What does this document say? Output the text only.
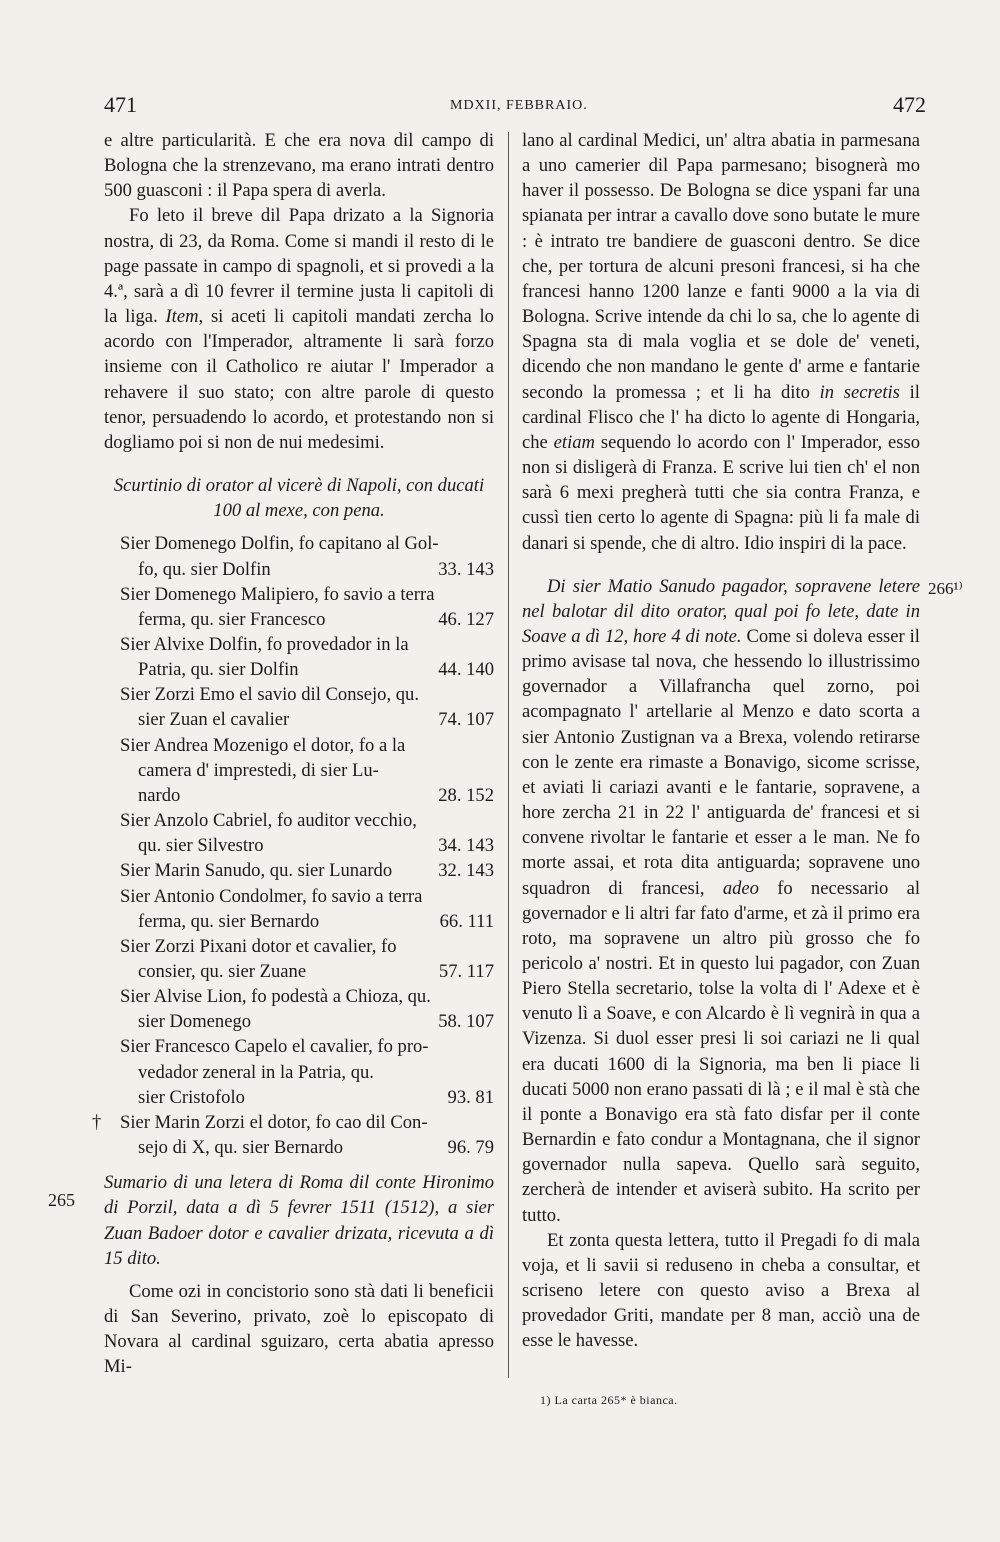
471	MDXII, FEBBRAIO.	472
265
266¹⁾

e altre particularità. E che era nova dil campo di Bologna che la strenzevano, ma erano intrati dentro 500 guasconi : il Papa spera di averla.

Fo leto il breve dil Papa drizato a la Signoria nostra, di 23, da Roma. Come si mandi il resto di le page passate in campo di spagnoli, et si provedi a la 4.ª, sarà a dì 10 fevrer il termine justa li capitoli di la liga. Item, si aceti li capitoli mandati zercha lo acordo con l'Imperador, altramente li sarà forzo insieme con il Catholico re aiutar l' Imperador a rehavere il suo stato; con altre parole di questo tenor, persuadendo lo acordo, et protestando non si dogliamo poi si non de nui medesimi.

Scurtinio di orator al vicerè di Napoli, con ducati 100 al mexe, con pena.

Sier Domenego Dolfin, fo capitano al Gol-
fo, qu. sier Dolfin	33. 143
Sier Domenego Malipiero, fo savio a terra
ferma, qu. sier Francesco	46. 127
Sier Alvixe Dolfin, fo provedador in la
Patria, qu. sier Dolfin	44. 140
Sier Zorzi Emo el savio dil Consejo, qu.
sier Zuan el cavalier	74. 107
Sier Andrea Mozenigo el dotor, fo a la
camera d' imprestedi, di sier Lu-
nardo	28. 152
Sier Anzolo Cabriel, fo auditor vecchio,
qu. sier Silvestro	34. 143
Sier Marin Sanudo, qu. sier Lunardo 32. 143
Sier Antonio Condolmer, fo savio a terra
ferma, qu. sier Bernardo	66. 111
Sier Zorzi Pixani dotor et cavalier, fo
consier, qu. sier Zuane	57. 117
Sier Alvise Lion, fo podestà a Chioza, qu.
sier Domenego	58. 107
Sier Francesco Capelo el cavalier, fo pro-
vedador zeneral in la Patria, qu.
sier Cristofolo	93. 81
†	Sier Marin Zorzi el dotor, fo cao dil Con-
sejo di X, qu. sier Bernardo	96. 79

Sumario di una letera di Roma dil conte Hironimo di Porzil, data a dì 5 fevrer 1511 (1512), a sier Zuan Badoer dotor e cavalier drizata, ricevuta a dì 15 dito.

Come ozi in concistorio sono stà dati li beneficii di San Severino, privato, zoè lo episcopato di Novara al cardinal sguizaro, certa abatia apresso Mi-

lano al cardinal Medici, un' altra abatia in parmesana a uno camerier dil Papa parmesano; bisognerà mo haver il possesso. De Bologna se dice yspani far una spianata per intrar a cavallo dove sono butate le mure : è intrato tre bandiere de guasconi dentro. Se dice che, per tortura de alcuni presoni francesi, si ha che francesi hanno 1200 lanze e fanti 9000 a la via di Bologna. Scrive intende da chi lo sa, che lo agente di Spagna sta di mala voglia et se dole de' veneti, dicendo che non mandano le gente d' arme e fantarie secondo la promessa ; et li ha dito in secretis il cardinal Flisco che l' ha dicto lo agente di Hongaria, che etiam sequendo lo acordo con l' Imperador, esso non si disligerà di Franza. E scrive lui tien ch' el non sarà 6 mexi pregherà tutti che sia contra Franza, e cussì tien certo lo agente di Spagna: più li fa male di danari si spende, che di altro. Idio inspiri di la pace.

Di sier Matio Sanudo pagador, sopravene letere nel balotar dil dito orator, qual poi fo lete, date in Soave a dì 12, hore 4 di note. Come si doleva esser il primo avisase tal nova, che hessendo lo illustrissimo governador a Villafrancha quel zorno, poi acompagnato l' artellarie al Menzo e dato scorta a sier Antonio Zustignan va a Brexa, volendo retirarse con le zente era rimaste a Bonavigo, sicome scrisse, et aviati li cariazi avanti e le fantarie, sopravene, a hore zercha 21 in 22 l' antiguarda de' francesi et si convene rivoltar le fantarie et esser a le man. Ne fo morte assai, et rota dita antiguarda; sopravene uno squadron di francesi, adeo fo necessario al governador e li altri far fato d'arme, et zà il primo era roto, ma sopravene un altro più grosso che fo pericolo a' nostri. Et in questo lui pagador, con Zuan Piero Stella secretario, tolse la volta di l' Adexe et è venuto lì a Soave, e con Alcardo è lì vegnirà in qua a Vizenza. Si duol esser presi li soi cariazi ne li qual era ducati 1600 di la Signoria, ma ben li piace li ducati 5000 non erano passati di là ; e il mal è stà che il ponte a Bonavigo era stà fato disfar per il conte Bernardin e fato condur a Montagnana, che il signor governador nulla sapeva. Quello sarà seguito, zercherà de intender et aviserà subito. Ha scrito per tutto.

Et zonta questa lettera, tutto il Pregadi fo di mala voja, et li savii si reduseno in cheba a consultar, et scriseno letere con questo aviso a Brexa al provedador Griti, mandate per 8 man, acciò una de esse le havesse.

1) La carta 265* è bianca.
